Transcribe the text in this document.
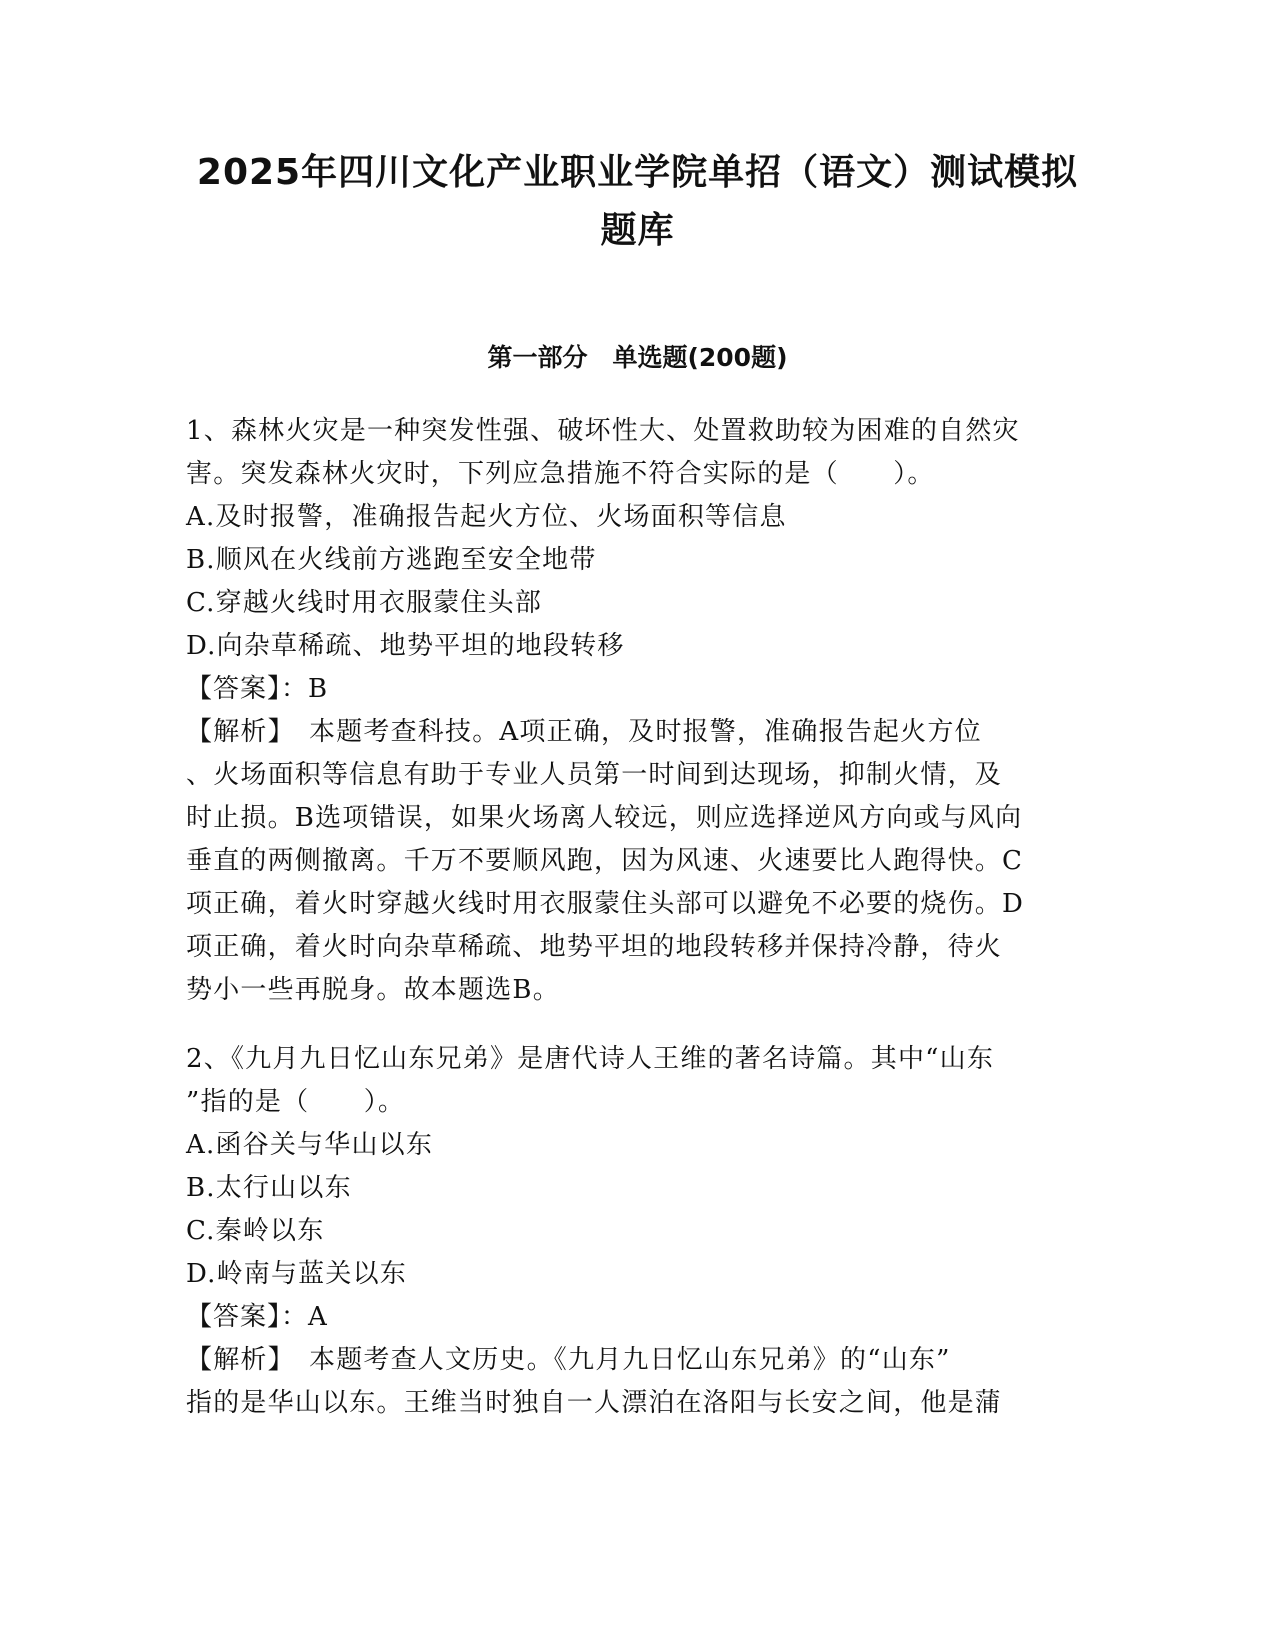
2025年四川文化产业职业学院单招（语文）测试模拟
题库
第一部分　单选题(200题)
1、森林火灾是一种突发性强、破坏性大、处置救助较为困难的自然灾
害。突发森林火灾时，下列应急措施不符合实际的是（　　）。
A.及时报警，准确报告起火方位、火场面积等信息
B.顺风在火线前方逃跑至安全地带
C.穿越火线时用衣服蒙住头部
D.向杂草稀疏、地势平坦的地段转移
【答案】：B
【解析】　本题考查科技。A项正确，及时报警，准确报告起火方位
、火场面积等信息有助于专业人员第一时间到达现场，抑制火情，及
时止损。B选项错误，如果火场离人较远，则应选择逆风方向或与风向
垂直的两侧撤离。千万不要顺风跑，因为风速、火速要比人跑得快。C
项正确，着火时穿越火线时用衣服蒙住头部可以避免不必要的烧伤。D
项正确，着火时向杂草稀疏、地势平坦的地段转移并保持冷静，待火
势小一些再脱身。故本题选B。
2、《九月九日忆山东兄弟》是唐代诗人王维的著名诗篇。其中“山东
”指的是（　　）。
A.函谷关与华山以东
B.太行山以东
C.秦岭以东
D.岭南与蓝关以东
【答案】：A
【解析】　本题考查人文历史。《九月九日忆山东兄弟》的“山东”
指的是华山以东。王维当时独自一人漂泊在洛阳与长安之间，他是蒲
